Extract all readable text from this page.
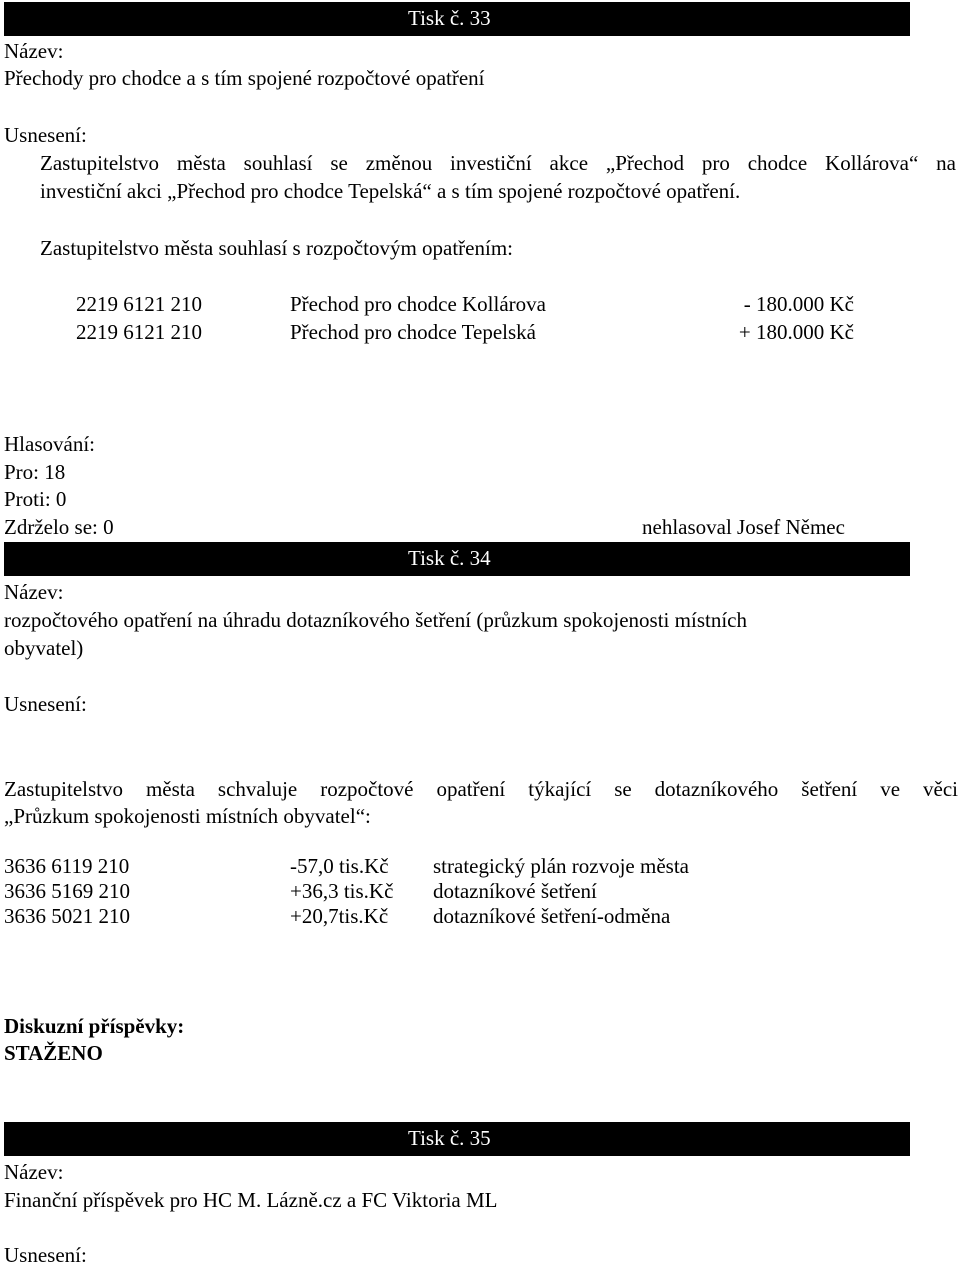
Tisk č. 33
Název:
Přechody pro chodce a s tím spojené rozpočtové opatření
Usnesení:
Zastupitelstvo města souhlasí se změnou investiční akce „Přechod pro chodce Kollárova“ na
investiční akci „Přechod pro chodce Tepelská“ a s tím spojené rozpočtové opatření.
Zastupitelstvo města souhlasí s rozpočtovým opatřením:
2219 6121 210	Přechod pro chodce Kollárova	- 180.000 Kč
2219 6121 210	Přechod pro chodce Tepelská	+ 180.000 Kč
Hlasování:
Pro: 18
Proti: 0
Zdrželo se: 0	nehlasoval Josef Němec
Tisk č. 34
Název:
rozpočtového opatření na úhradu dotazníkového šetření (průzkum spokojenosti místních
obyvatel)
Usnesení:
Zastupitelstvo města schvaluje rozpočtové opatření týkající se dotazníkového šetření ve věci
„Průzkum spokojenosti místních obyvatel“:
3636 6119 210	-57,0 tis.Kč strategický plán rozvoje města
3636 5169 210	+36,3 tis.Kč dotazníkové šetření
3636 5021 210	+20,7tis.Kč dotazníkové šetření-odměna
Diskuzní příspěvky:
STAŽENO
Tisk č. 35
Název:
Finanční příspěvek pro HC M. Lázně.cz a FC Viktoria ML
Usnesení:
